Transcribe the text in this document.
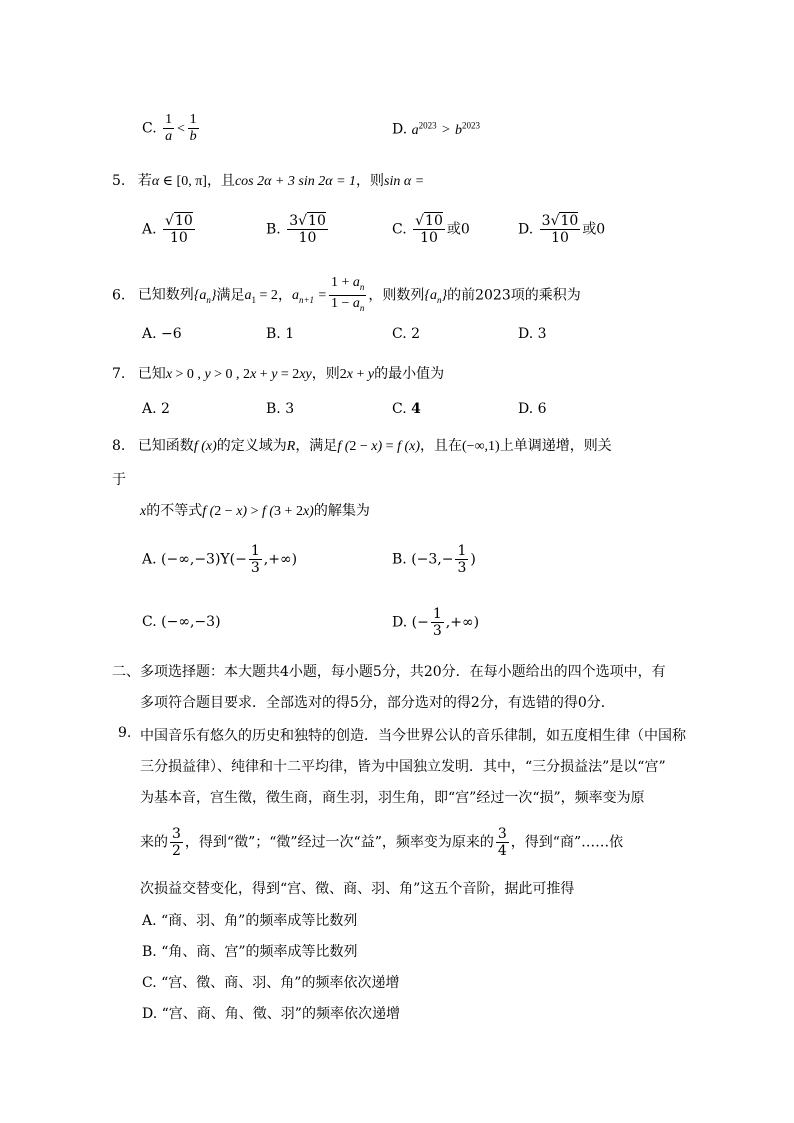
C. $\frac{1}{a} < \frac{1}{b}$	D. $a^{2023} > b^{2023}$
5. 若α ∈ [0, π]，且cos 2α + 3 sin 2α = 1，则sin α =
A. $\frac{√10}{10}$	B. $\frac{3√10}{10}$	C. $\frac{√10}{10}$ 或0	D. $\frac{3√10}{10}$ 或0
6. 已知数列$\{a_n\}$满足$a_1 = 2$，$a_{n+1} = \frac{1 + a_n}{1 - a_n}$ ，则数列$\{a_n\}$的前2023项的乘积为
A. −6	B. 1	C. 2	D. 3
7. 已知x > 0 , y > 0 , 2x + y = 2xy，则2x + y的最小值为
A. 2	B. 3	C. 4	D. 6
8. 已知函数f (x)的定义域为R，满足f (2 − x) = f (x)，且在(−∞,1)上单调递增，则关
于
x的不等式f (2 − x) > f (3 + 2x)的解集为
A. $(-\infty,-3)\Upsilon(- \frac{1}{3}$ ,+∞)	B. ($-3,- \frac{1}{3}$ )
C. (−∞,−3)	D. (− $\frac{1}{3}$ ,+∞)
二、多项选择题：本大题共4小题，每小题5分，共20分．在每小题给出的四个选项中，有
多项符合题目要求．全部选对的得5分，部分选对的得2分，有选错的得0分．
9. 中国音乐有悠久的历史和独特的创造．当今世界公认的音乐律制，如五度相生律（中国称
三分损益律）、纯律和十二平均律，皆为中国独立发明．其中，“三分损益法”是以“宫”
为基本音，宫生徵，徵生商，商生羽，羽生角，即“宫”经过一次“损”，频率变为原
来的 $\frac{3}{2}$ ，得到“徵”；“徵”经过一次“益”，频率变为原来的 $\frac{3}{4}$ ，得到“商”……依
次损益交替变化，得到“宫、徵、商、羽、角”这五个音阶，据此可推得
A. “商、羽、角”的频率成等比数列
B. “角、商、宫”的频率成等比数列
C. “宫、徵、商、羽、角”的频率依次递增
D. “宫、商、角、徵、羽”的频率依次递增
